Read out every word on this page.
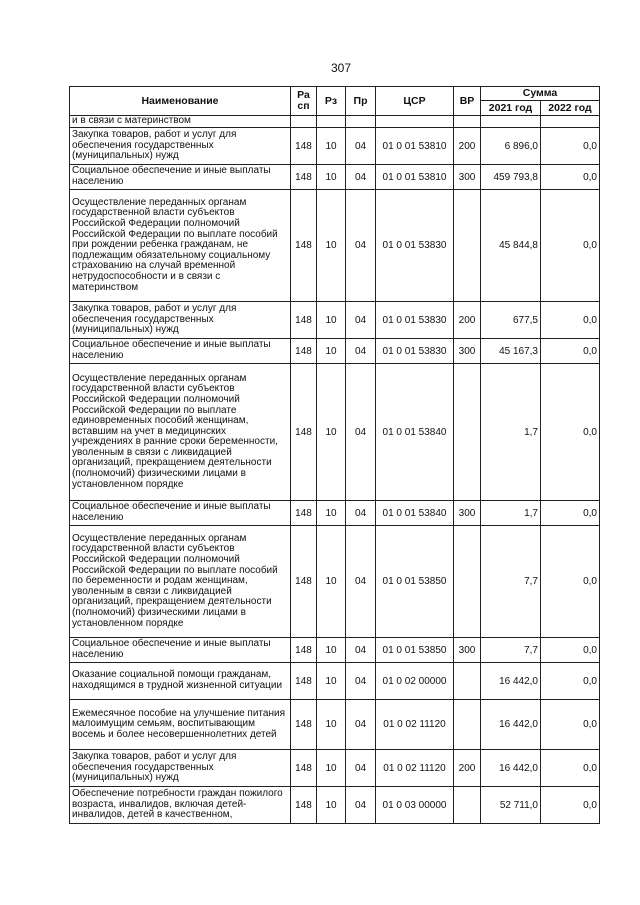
307
Наименование	Ра сп	Рз	Пр	ЦСР	ВР	Сумма	
						2021 год	2022 год
и в связи с материнством							
Закупка товаров, работ и услуг для обеспечения государственных (муниципальных) нужд	148	10	04	01 0 01 53810	200	6 896,0	0,0
Социальное обеспечение и иные выплаты населению	148	10	04	01 0 01 53810	300	459 793,8	0,0
Осуществление переданных органам государственной власти субъектов Российской Федерации полномочий Российской Федерации по выплате пособий при рождении ребенка гражданам, не подлежащим обязательному социальному страхованию на случай временной нетрудоспособности и в связи с материнством	148	10	04	01 0 01 53830		45 844,8	0,0
Закупка товаров, работ и услуг для обеспечения государственных (муниципальных) нужд	148	10	04	01 0 01 53830	200	677,5	0,0
Социальное обеспечение и иные выплаты населению	148	10	04	01 0 01 53830	300	45 167,3	0,0
Осуществление переданных органам государственной власти субъектов Российской Федерации полномочий Российской Федерации по выплате единовременных пособий женщинам, вставшим на учет в медицинских учреждениях в ранние сроки беременности, уволенным в связи с ликвидацией организаций, прекращением деятельности (полномочий) физическими лицами в установленном порядке	148	10	04	01 0 01 53840		1,7	0,0
Социальное обеспечение и иные выплаты населению	148	10	04	01 0 01 53840	300	1,7	0,0
Осуществление переданных органам государственной власти субъектов Российской Федерации полномочий Российской Федерации по выплате пособий по беременности и родам женщинам, уволенным в связи с ликвидацией организаций, прекращением деятельности (полномочий) физическими лицами в установленном порядке	148	10	04	01 0 01 53850		7,7	0,0
Социальное обеспечение и иные выплаты населению	148	10	04	01 0 01 53850	300	7,7	0,0
Оказание социальной помощи гражданам, находящимся в трудной жизненной ситуации	148	10	04	01 0 02 00000		16 442,0	0,0
Ежемесячное пособие на улучшение питания малоимущим семьям, воспитывающим восемь и более несовершеннолетних детей	148	10	04	01 0 02 11120		16 442,0	0,0
Закупка товаров, работ и услуг для обеспечения государственных (муниципальных) нужд	148	10	04	01 0 02 11120	200	16 442,0	0,0
Обеспечение потребности граждан пожилого возраста, инвалидов, включая детей-инвалидов, детей в качественном,	148	10	04	01 0 03 00000		52 711,0	0,0
